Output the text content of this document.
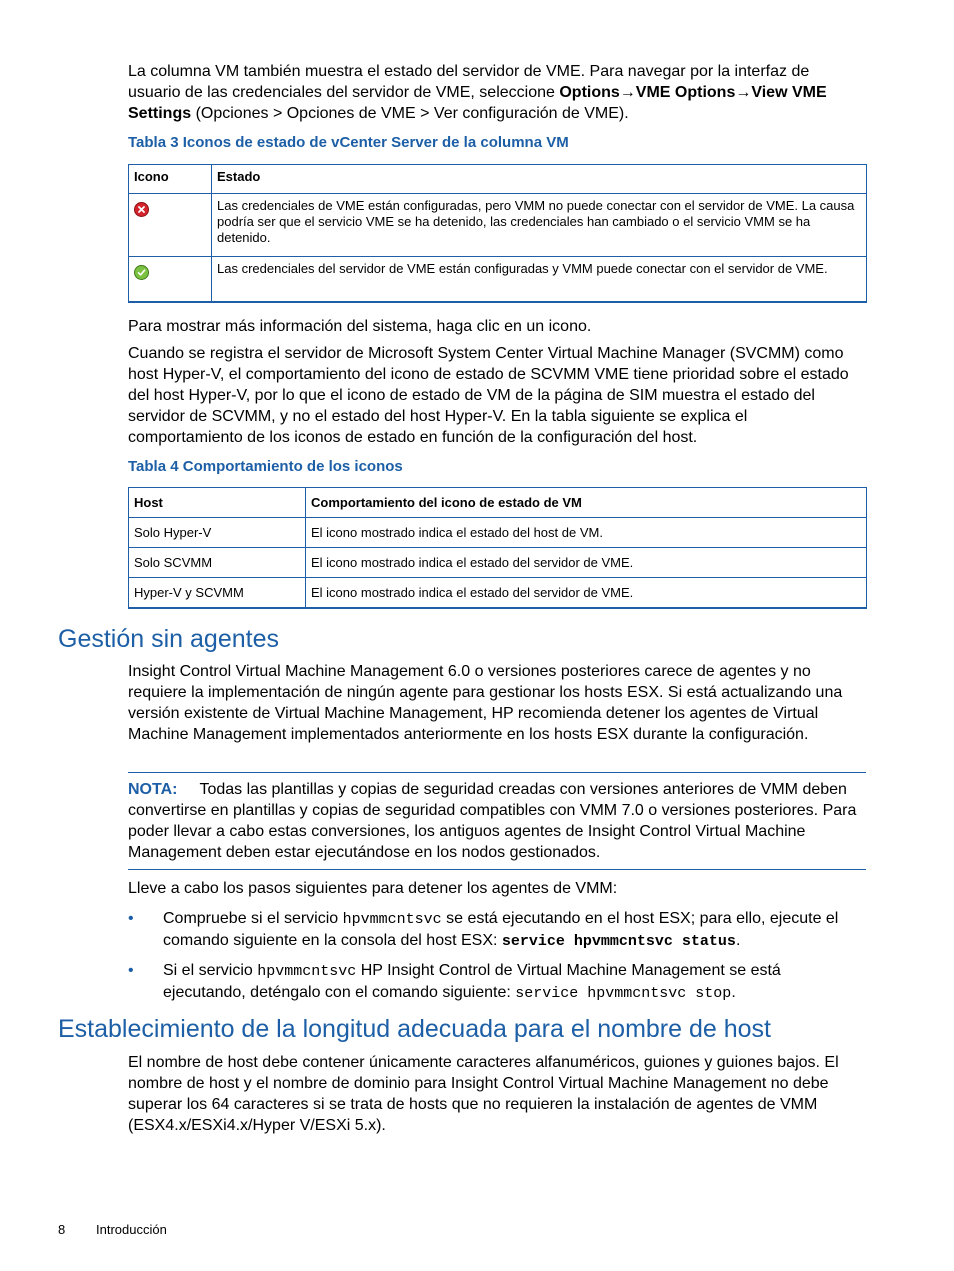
La columna VM también muestra el estado del servidor de VME. Para navegar por la interfaz de usuario de las credenciales del servidor de VME, seleccione Options→VME Options→View VME Settings (Opciones > Opciones de VME > Ver configuración de VME).

Tabla 3 Iconos de estado de vCenter Server de la columna VM
Icono	Estado

	Las credenciales de VME están configuradas, pero VMM no puede conectar con el servidor de VME. La causa podría ser que el servicio VME se ha detenido, las credenciales han cambiado o el servicio VMM se ha detenido.

	Las credenciales del servidor de VME están configuradas y VMM puede conectar con el servidor de VME.

Para mostrar más información del sistema, haga clic en un icono.

Cuando se registra el servidor de Microsoft System Center Virtual Machine Manager (SVCMM) como host Hyper-V, el comportamiento del icono de estado de SCVMM VME tiene prioridad sobre el estado del host Hyper-V, por lo que el icono de estado de VM de la página de SIM muestra el estado del servidor de SCVMM, y no el estado del host Hyper-V. En la tabla siguiente se explica el comportamiento de los iconos de estado en función de la configuración del host.

Tabla 4 Comportamiento de los iconos
Host	Comportamiento del icono de estado de VM
Solo Hyper-V	El icono mostrado indica el estado del host de VM.
Solo SCVMM	El icono mostrado indica el estado del servidor de VME.
Hyper-V y SCVMM	El icono mostrado indica el estado del servidor de VME.
Gestión sin agentes

Insight Control Virtual Machine Management 6.0 o versiones posteriores carece de agentes y no requiere la implementación de ningún agente para gestionar los hosts ESX. Si está actualizando una versión existente de Virtual Machine Management, HP recomienda detener los agentes de Virtual Machine Management implementados anteriormente en los hosts ESX durante la configuración.

NOTA: Todas las plantillas y copias de seguridad creadas con versiones anteriores de VMM deben convertirse en plantillas y copias de seguridad compatibles con VMM 7.0 o versiones posteriores. Para poder llevar a cabo estas conversiones, los antiguos agentes de Insight Control Virtual Machine Management deben estar ejecutándose en los nodos gestionados.

Lleve a cabo los pasos siguientes para detener los agentes de VMM:

• Compruebe si el servicio hpvmmcntsvc se está ejecutando en el host ESX; para ello, ejecute el comando siguiente en la consola del host ESX: service hpvmmcntsvc status.
• Si el servicio hpvmmcntsvc HP Insight Control de Virtual Machine Management se está ejecutando, deténgalo con el comando siguiente: service hpvmmcntsvc stop.
Establecimiento de la longitud adecuada para el nombre de host

El nombre de host debe contener únicamente caracteres alfanuméricos, guiones y guiones bajos. El nombre de host y el nombre de dominio para Insight Control Virtual Machine Management no debe superar los 64 caracteres si se trata de hosts que no requieren la instalación de agentes de VMM (ESX4.x/ESXi4.x/Hyper V/ESXi 5.x).

8 Introducción
